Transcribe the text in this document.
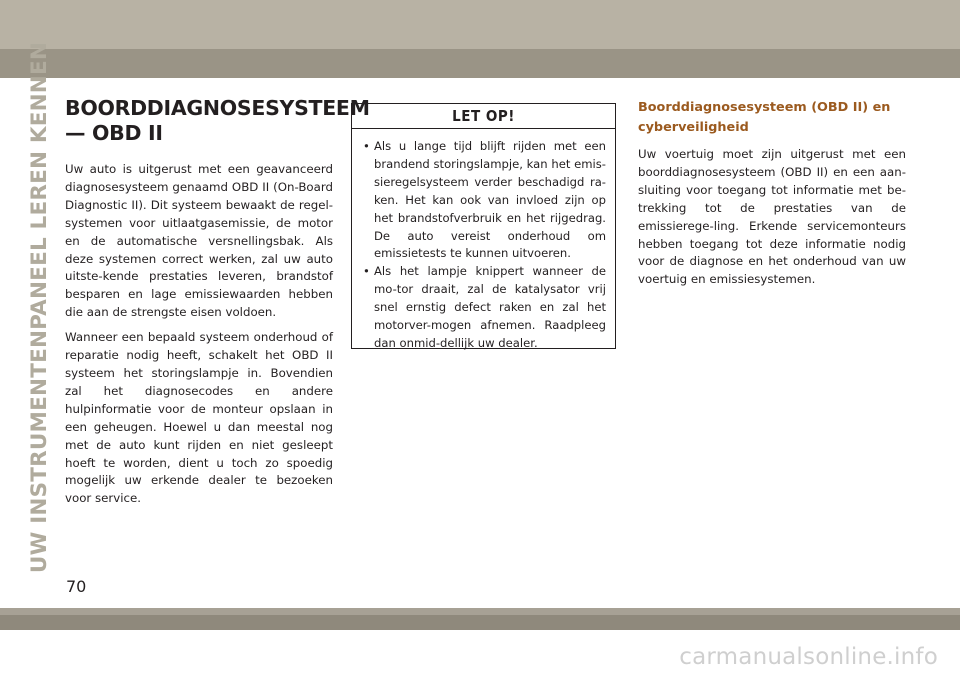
UW INSTRUMENTENPANEEL LEREN KENNEN BOORDDIAGNOSESYSTEEM
— OBD II

Uw auto is uitgerust met een geavanceerd diagnosesysteem genaamd OBD II (On-Board Diagnostic II). Dit systeem bewaakt de regel-systemen voor uitlaatgasemissie, de motor en de automatische versnellingsbak. Als deze systemen correct werken, zal uw auto uitste-kende prestaties leveren, brandstof besparen en lage emissiewaarden hebben die aan de strengste eisen voldoen.

Wanneer een bepaald systeem onderhoud of reparatie nodig heeft, schakelt het OBD II systeem het storingslampje in. Bovendien zal het diagnosecodes en andere hulpinformatie voor de monteur opslaan in een geheugen. Hoewel u dan meestal nog met de auto kunt rijden en niet gesleept hoeft te worden, dient u toch zo spoedig mogelijk uw erkende dealer te bezoeken voor service.

LET OP!
• Als u lange tijd blijft rijden met een brandend storingslampje, kan het emis-sieregelsysteem verder beschadigd ra-ken. Het kan ook van invloed zijn op het brandstofverbruik en het rijgedrag. De auto vereist onderhoud om emissietests te kunnen uitvoeren.
• Als het lampje knippert wanneer de mo-tor draait, zal de katalysator vrij snel ernstig defect raken en zal het motorver-mogen afnemen. Raadpleeg dan onmid-dellijk uw dealer.
Boorddiagnosesysteem (OBD II) en
cyberveiligheid

Uw voertuig moet zijn uitgerust met een boorddiagnosesysteem (OBD II) en een aan-sluiting voor toegang tot informatie met be-trekking tot de prestaties van de emissierege-ling. Erkende servicemonteurs hebben toegang tot deze informatie nodig voor de diagnose en het onderhoud van uw voertuig en emissiesystemen.

70
carmanualsonline.info
